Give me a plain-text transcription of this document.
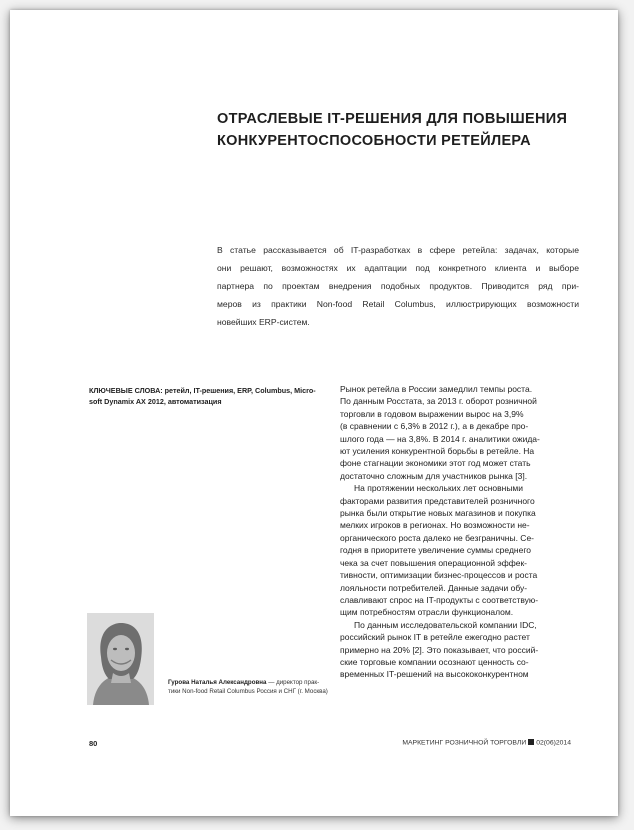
ОТРАСЛЕВЫЕ IT-РЕШЕНИЯ ДЛЯ ПОВЫШЕНИЯ
КОНКУРЕНТОСПОСОБНОСТИ РЕТЕЙЛЕРА

В статье рассказывается об IT-разработках в сфере ретейла: задачах, которые
они решают, возможностях их адаптации под конкретного клиента и выборе
партнера по проектам внедрения подобных продуктов. Приводится ряд при-
меров из практики Non-food Retail Columbus, иллюстрирующих возможности
новейших ERP-систем.

КЛЮЧЕВЫЕ СЛОВА: ретейл, IT-решения, ERP, Columbus, Micro-
soft Dynamix AX 2012, автоматизация
Рынок ретейла в России замедлил темпы роста.
По данным Росстата, за 2013 г. оборот розничной
торговли в годовом выражении вырос на 3,9%
(в сравнении с 6,3% в 2012 г.), а в декабре про-
шлого года — на 3,8%. В 2014 г. аналитики ожида-
ют усиления конкурентной борьбы в ретейле. На
фоне стагнации экономики этот год может стать
достаточно сложным для участников рынка [3].
На протяжении нескольких лет основными
факторами развития представителей розничного
рынка были открытие новых магазинов и покупка
мелких игроков в регионах. Но возможности не-
органического роста далеко не безграничны. Се-
годня в приоритете увеличение суммы среднего
чека за счет повышения операционной эффек-
тивности, оптимизации бизнес-процессов и роста
лояльности потребителей. Данные задачи обу-
славливают спрос на IT-продукты с соответствую-
щим потребностям отрасли функционалом.
По данным исследовательской компании IDC,
российский рынок IT в ретейле ежегодно растет
примерно на 20% [2]. Это показывает, что россий-
ские торговые компании осознают ценность со-
временных IT-решений на высококонкурентном
Гурова Наталья Александровна — директор прак-
тики Non-food Retail Columbus Россия и СНГ (г. Москва)
80	МАРКЕТИНГ РОЗНИЧНОЙ ТОРГОВЛИ 02(06)2014
